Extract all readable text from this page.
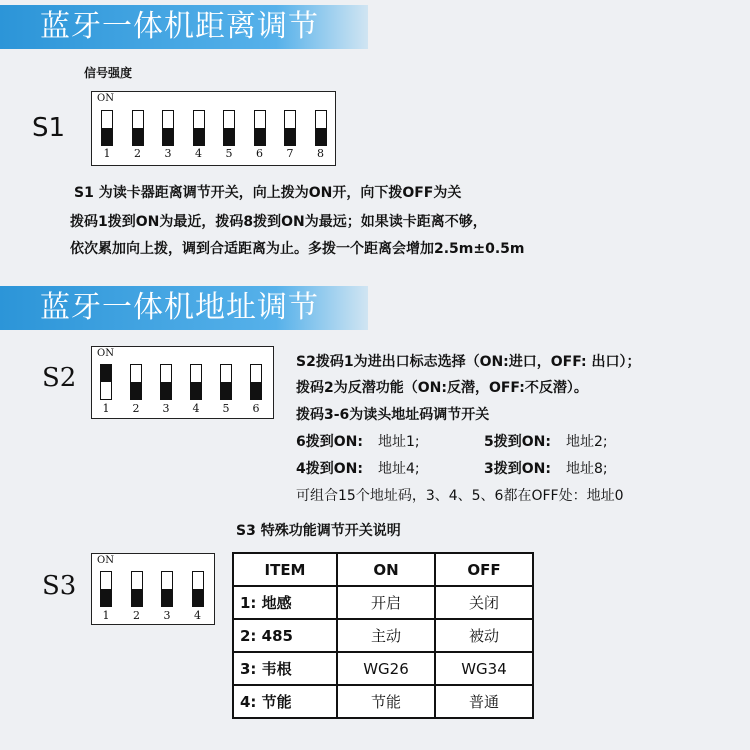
蓝牙一体机距离调节
信号强度
S1
ON
1	2	3	4	5	6	7	8
S1 为读卡器距离调节开关，向上拨为ON开，向下拨OFF为关
拨码1拨到ON为最近，拨码8拨到ON为最远；如果读卡距离不够，
依次累加向上拨，调到合适距离为止。多拨一个距离会增加2.5m±0.5m
蓝牙一体机地址调节
S2
ON
1	2	3	4	5	6
S2拨码1为进出口标志选择（ON:进口，OFF: 出口）；
拨码2为反潜功能（ON:反潜，OFF:不反潜）。
拨码3-6为读头地址码调节开关
6拨到ON: 地址1;	5拨到ON: 地址2;
4拨到ON: 地址4;	3拨到ON: 地址8;
可组合15个地址码，3、4、5、6都在OFF处：地址0
S3 特殊功能调节开关说明
S3
ON
1	2	3	4
ITEM	ON	OFF
1: 地感	开启	关闭
2: 485	主动	被动
3: 韦根	WG26	WG34
4: 节能	节能	普通
